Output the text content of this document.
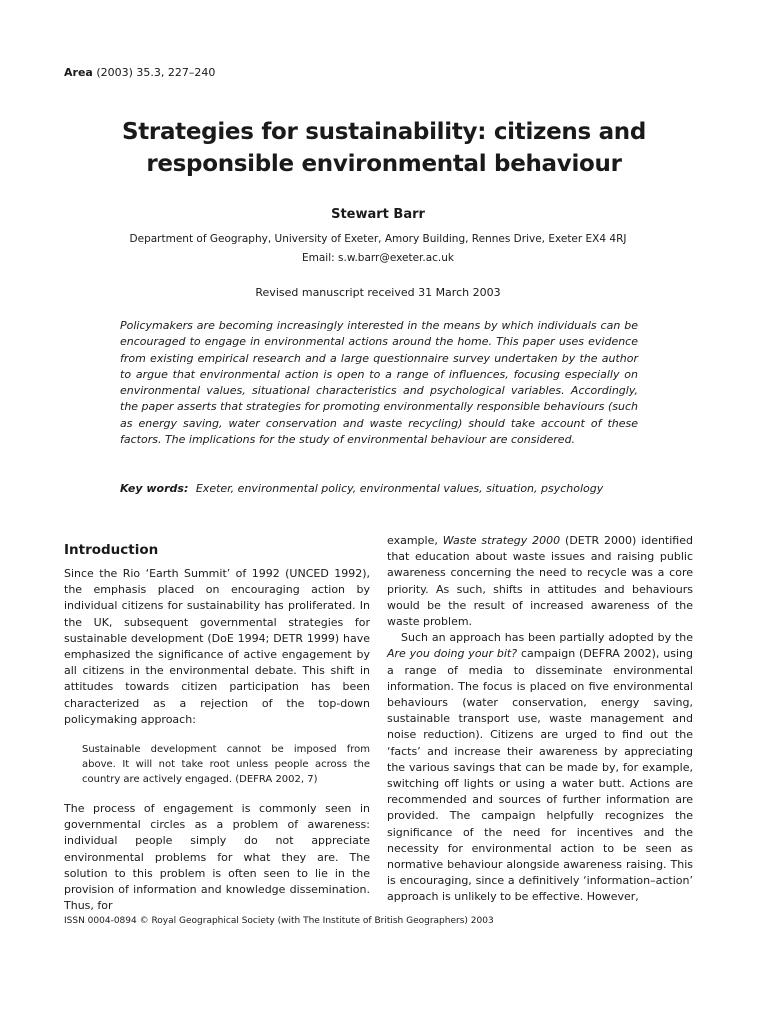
Area (2003) 35.3, 227–240
Strategies for sustainability: citizens and
responsible environmental behaviour
Stewart Barr
Department of Geography, University of Exeter, Amory Building, Rennes Drive, Exeter EX4 4RJ
Email: s.w.barr@exeter.ac.uk
Revised manuscript received 31 March 2003
Policymakers are becoming increasingly interested in the means by which individuals can be encouraged to engage in environmental actions around the home. This paper uses evidence from existing empirical research and a large questionnaire survey undertaken by the author to argue that environmental action is open to a range of influences, focusing especially on environmental values, situational characteristics and psychological variables. Accordingly, the paper asserts that strategies for promoting environmentally responsible behaviours (such as energy saving, water conservation and waste recycling) should take account of these factors. The implications for the study of environmental behaviour are considered.
Key words: Exeter, environmental policy, environmental values, situation, psychology
Introduction

Since the Rio ‘Earth Summit’ of 1992 (UNCED 1992), the emphasis placed on encouraging action by individual citizens for sustainability has proliferated. In the UK, subsequent governmental strategies for sustainable development (DoE 1994; DETR 1999) have emphasized the significance of active engagement by all citizens in the environmental debate. This shift in attitudes towards citizen participation has been characterized as a rejection of the top-down policymaking approach:

Sustainable development cannot be imposed from above. It will not take root unless people across the country are actively engaged. (DEFRA 2002, 7)

The process of engagement is commonly seen in governmental circles as a problem of awareness: individual people simply do not appreciate environmental problems for what they are. The solution to this problem is often seen to lie in the provision of information and knowledge dissemination. Thus, for

example, Waste strategy 2000 (DETR 2000) identified that education about waste issues and raising public awareness concerning the need to recycle was a core priority. As such, shifts in attitudes and behaviours would be the result of increased awareness of the waste problem.

Such an approach has been partially adopted by the Are you doing your bit? campaign (DEFRA 2002), using a range of media to disseminate environmental information. The focus is placed on five environmental behaviours (water conservation, energy saving, sustainable transport use, waste management and noise reduction). Citizens are urged to find out the ‘facts’ and increase their awareness by appreciating the various savings that can be made by, for example, switching off lights or using a water butt. Actions are recommended and sources of further information are provided. The campaign helpfully recognizes the significance of the need for incentives and the necessity for environmental action to be seen as normative behaviour alongside awareness raising. This is encouraging, since a definitively ‘information–action’ approach is unlikely to be effective. However,

ISSN 0004-0894 © Royal Geographical Society (with The Institute of British Geographers) 2003
